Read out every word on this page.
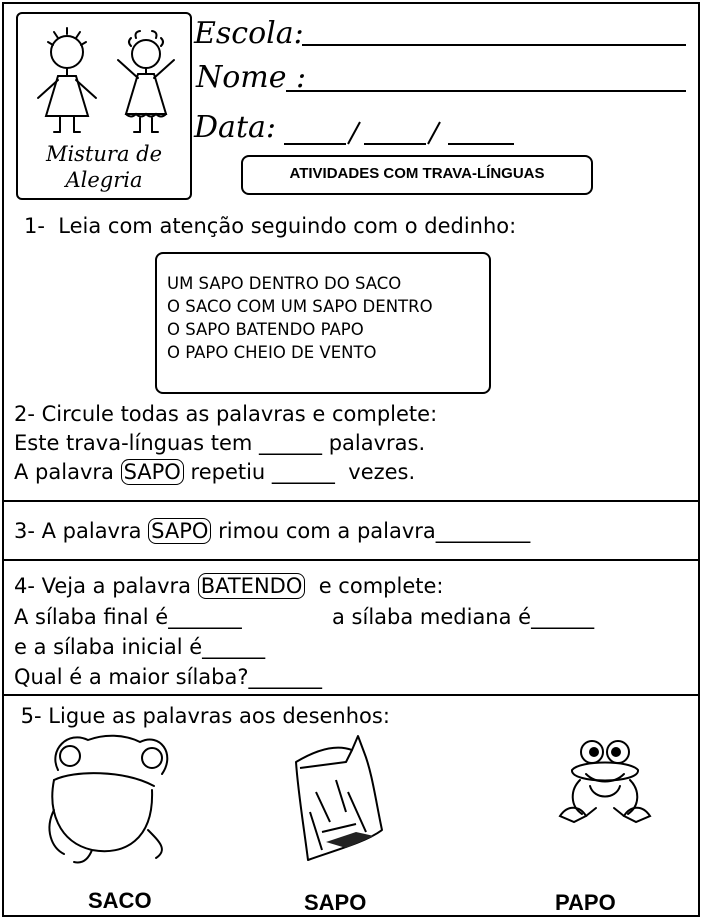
Mistura de
Alegria
Escola:
Nome :
Data:
ATIVIDADES COM TRAVA-LÍNGUAS
1-  Leia com atenção seguindo com o dedinho:
UM SAPO DENTRO DO SACO
O SACO COM UM SAPO DENTRO
O SAPO BATENDO PAPO
O PAPO CHEIO DE VENTO
2- Circule todas as palavras e complete:
Este trava-línguas tem ______ palavras.
A palavra SAPO repetiu ______  vezes.
3- A palavra SAPO rimou com a palavra_________
4- Veja a palavra BATENDO  e complete:
A sílaba final é_______	a sílaba mediana é______
e a sílaba inicial é______
Qual é a maior sílaba?_______
5- Ligue as palavras aos desenhos:
SACO	SAPO	PAPO
